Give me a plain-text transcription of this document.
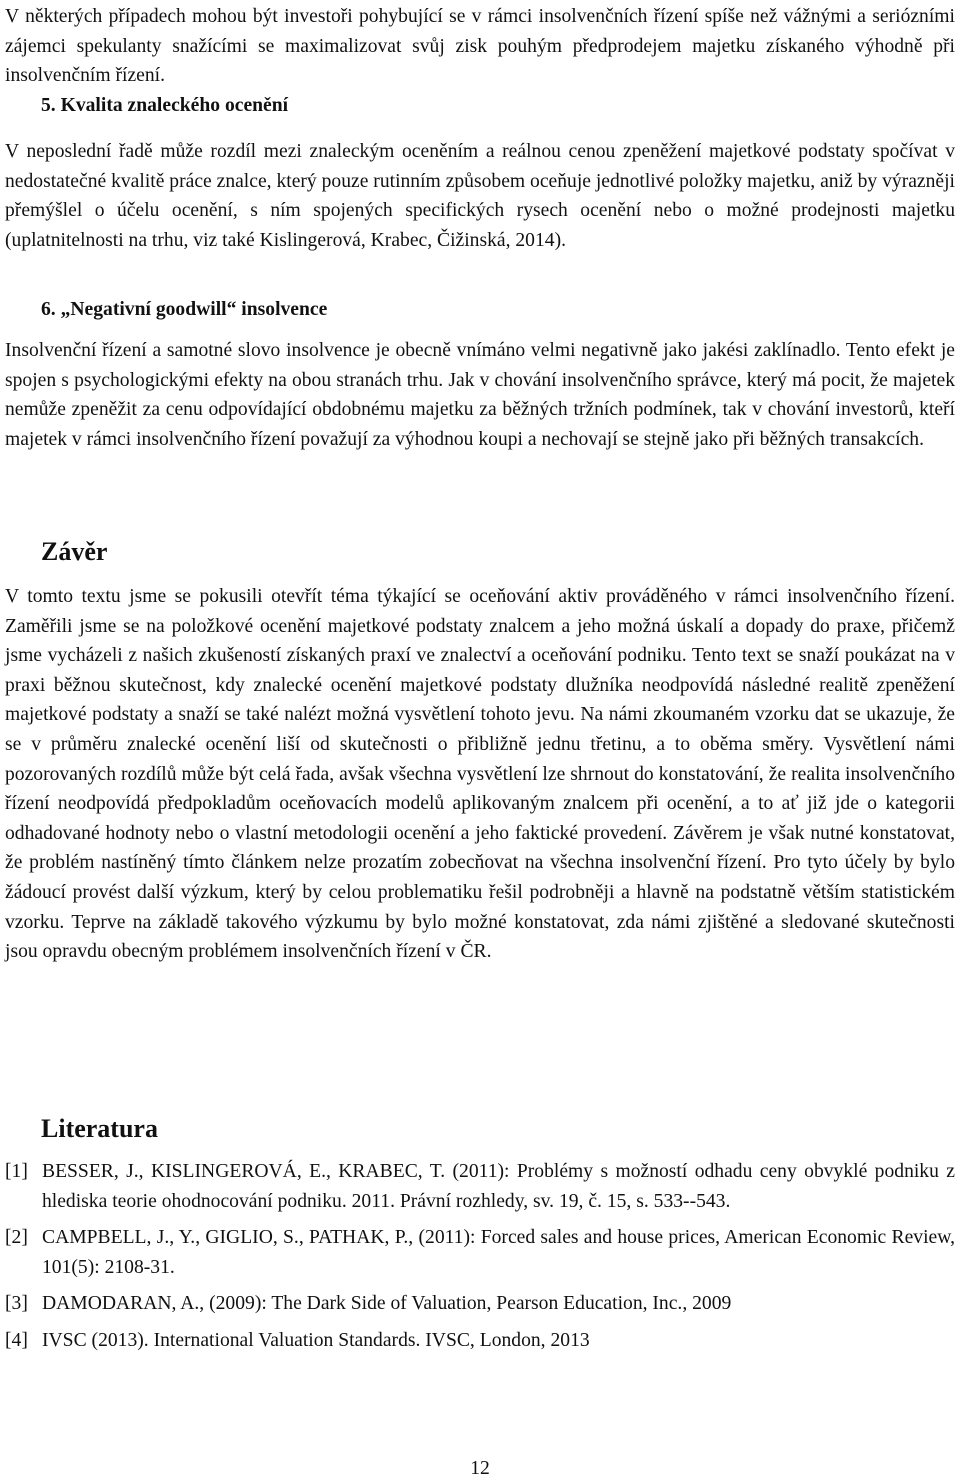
V některých případech mohou být investoři pohybující se v rámci insolvenčních řízení spíše než vážnými a seriózními zájemci spekulanty snažícími se maximalizovat svůj zisk pouhým předprodejem majetku získaného výhodně při insolvenčním řízení.

5. Kvalita znaleckého ocenění

V neposlední řadě může rozdíl mezi znaleckým oceněním a reálnou cenou zpeněžení majetkové podstaty spočívat v nedostatečné kvalitě práce znalce, který pouze rutinním způsobem oceňuje jednotlivé položky majetku, aniž by výrazněji přemýšlel o účelu ocenění, s ním spojených specifických rysech ocenění nebo o možné prodejnosti majetku (uplatnitelnosti na trhu, viz také Kislingerová, Krabec, Čižinská, 2014).

6. „Negativní goodwill“ insolvence

Insolvenční řízení a samotné slovo insolvence je obecně vnímáno velmi negativně jako jakési zaklínadlo. Tento efekt je spojen s psychologickými efekty na obou stranách trhu. Jak v chování insolvenčního správce, který má pocit, že majetek nemůže zpeněžit za cenu odpovídající obdobnému majetku za běžných tržních podmínek, tak v chování investorů, kteří majetek v rámci insolvenčního řízení považují za výhodnou koupi a nechovají se stejně jako při běžných transakcích.

Závěr

V tomto textu jsme se pokusili otevřít téma týkající se oceňování aktiv prováděného v rámci insolvenčního řízení. Zaměřili jsme se na položkové ocenění majetkové podstaty znalcem a jeho možná úskalí a dopady do praxe, přičemž jsme vycházeli z našich zkušeností získaných praxí ve znalectví a oceňování podniku. Tento text se snaží poukázat na v praxi běžnou skutečnost, kdy znalecké ocenění majetkové podstaty dlužníka neodpovídá následné realitě zpeněžení majetkové podstaty a snaží se také nalézt možná vysvětlení tohoto jevu. Na námi zkoumaném vzorku dat se ukazuje, že se v průměru znalecké ocenění liší od skutečnosti o přibližně jednu třetinu, a to oběma směry. Vysvětlení námi pozorovaných rozdílů může být celá řada, avšak všechna vysvětlení lze shrnout do konstatování, že realita insolvenčního řízení neodpovídá předpokladům oceňovacích modelů aplikovaným znalcem při ocenění, a to ať již jde o kategorii odhadované hodnoty nebo o vlastní metodologii ocenění a jeho faktické provedení. Závěrem je však nutné konstatovat, že problém nastíněný tímto článkem nelze prozatím zobecňovat na všechna insolvenční řízení. Pro tyto účely by bylo žádoucí provést další výzkum, který by celou problematiku řešil podrobněji a hlavně na podstatně větším statistickém vzorku. Teprve na základě takového výzkumu by bylo možné konstatovat, zda námi zjištěné a sledované skutečnosti jsou opravdu obecným problémem insolvenčních řízení v ČR.

Literatura
[1] BESSER, J., KISLINGEROVÁ, E., KRABEC, T. (2011): Problémy s možností odhadu ceny obvyklé podniku z hlediska teorie ohodnocování podniku. 2011. Právní rozhledy, sv. 19, č. 15, s. 533--543.
[2] CAMPBELL, J., Y., GIGLIO, S., PATHAK, P., (2011): Forced sales and house prices, American Economic Review, 101(5): 2108-31.
[3] DAMODARAN, A., (2009): The Dark Side of Valuation, Pearson Education, Inc., 2009
[4] IVSC (2013). International Valuation Standards. IVSC, London, 2013

12
